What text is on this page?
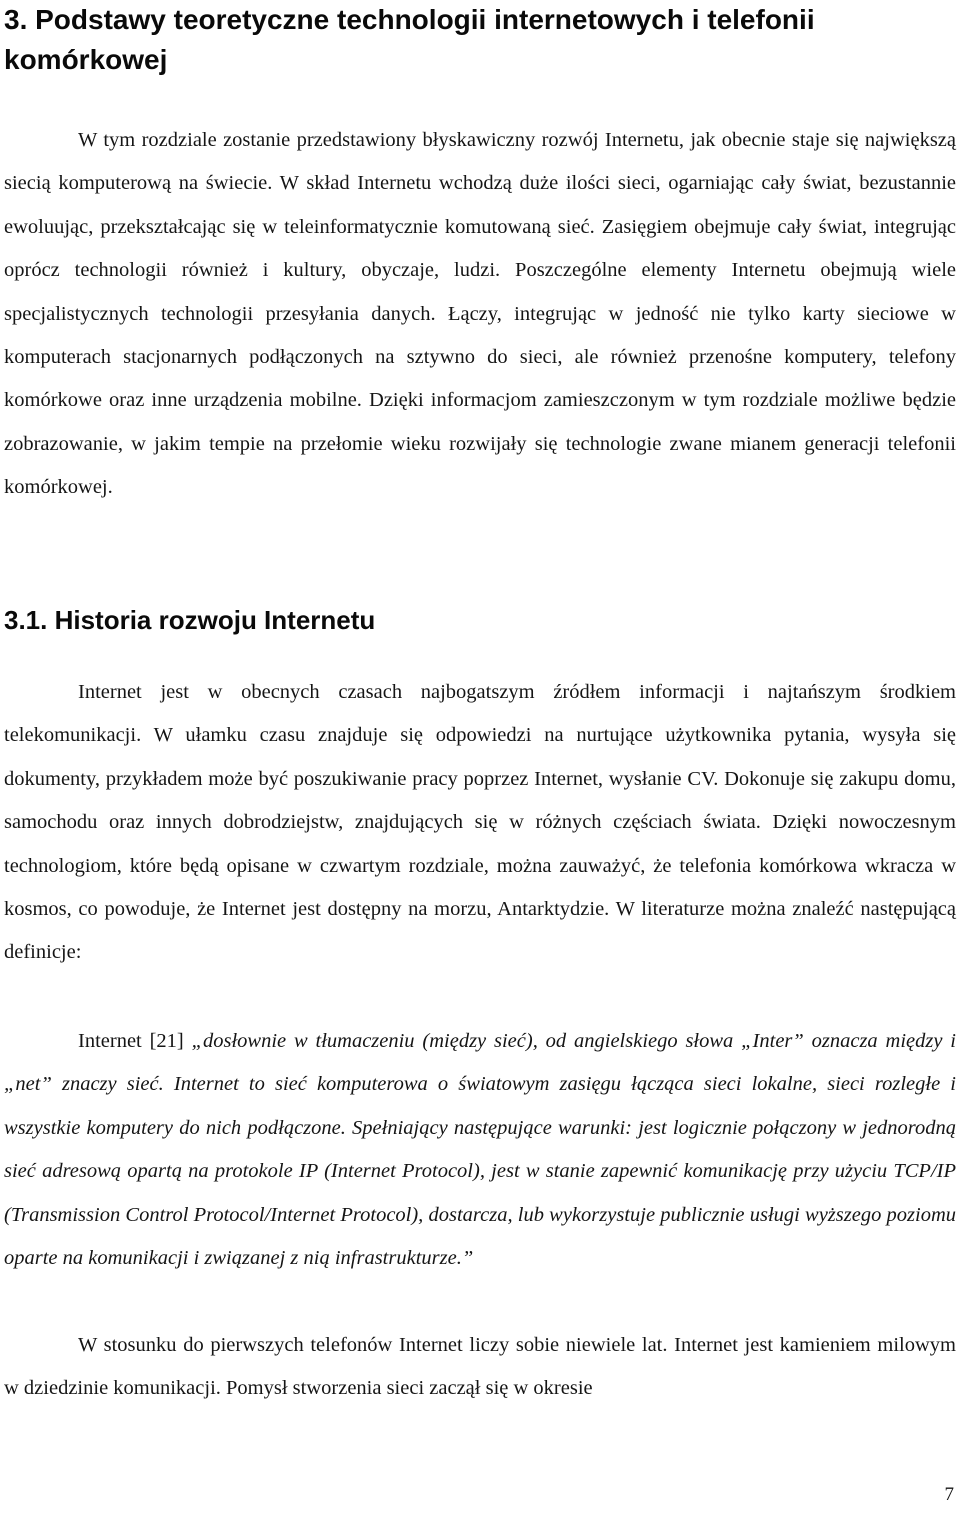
3. Podstawy teoretyczne technologii internetowych i telefonii komórkowej

W tym rozdziale zostanie przedstawiony błyskawiczny rozwój Internetu, jak obecnie staje się największą siecią komputerową na świecie. W skład Internetu wchodzą duże ilości sieci, ogarniając cały świat, bezustannie ewoluując, przekształcając się w teleinformatycznie komutowaną sieć. Zasięgiem obejmuje cały świat, integrując oprócz technologii również i kultury, obyczaje, ludzi. Poszczególne elementy Internetu obejmują wiele specjalistycznych technologii przesyłania danych. Łączy, integrując w jedność nie tylko karty sieciowe w komputerach stacjonarnych podłączonych na sztywno do sieci, ale również przenośne komputery, telefony komórkowe oraz inne urządzenia mobilne. Dzięki informacjom zamieszczonym w tym rozdziale możliwe będzie zobrazowanie, w jakim tempie na przełomie wieku rozwijały się technologie zwane mianem generacji telefonii komórkowej.

3.1. Historia rozwoju Internetu

Internet jest w obecnych czasach najbogatszym źródłem informacji i najtańszym środkiem telekomunikacji. W ułamku czasu znajduje się odpowiedzi na nurtujące użytkownika pytania, wysyła się dokumenty, przykładem może być poszukiwanie pracy poprzez Internet, wysłanie CV. Dokonuje się zakupu domu, samochodu oraz innych dobrodziejstw, znajdujących się w różnych częściach świata. Dzięki nowoczesnym technologiom, które będą opisane w czwartym rozdziale, można zauważyć, że telefonia komórkowa wkracza w kosmos, co powoduje, że Internet jest dostępny na morzu, Antarktydzie. W literaturze można znaleźć następującą definicje:

Internet [21] „dosłownie w tłumaczeniu (między sieć), od angielskiego słowa „Inter” oznacza między i „net” znaczy sieć. Internet to sieć komputerowa o światowym zasięgu łącząca sieci lokalne, sieci rozległe i wszystkie komputery do nich podłączone. Spełniający następujące warunki: jest logicznie połączony w jednorodną sieć adresową opartą na protokole IP (Internet Protocol), jest w stanie zapewnić komunikację przy użyciu TCP/IP (Transmission Control Protocol/Internet Protocol), dostarcza, lub wykorzystuje publicznie usługi wyższego poziomu oparte na komunikacji i związanej z nią infrastrukturze.”

W stosunku do pierwszych telefonów Internet liczy sobie niewiele lat. Internet jest kamieniem milowym w dziedzinie komunikacji. Pomysł stworzenia sieci zaczął się w okresie

7
